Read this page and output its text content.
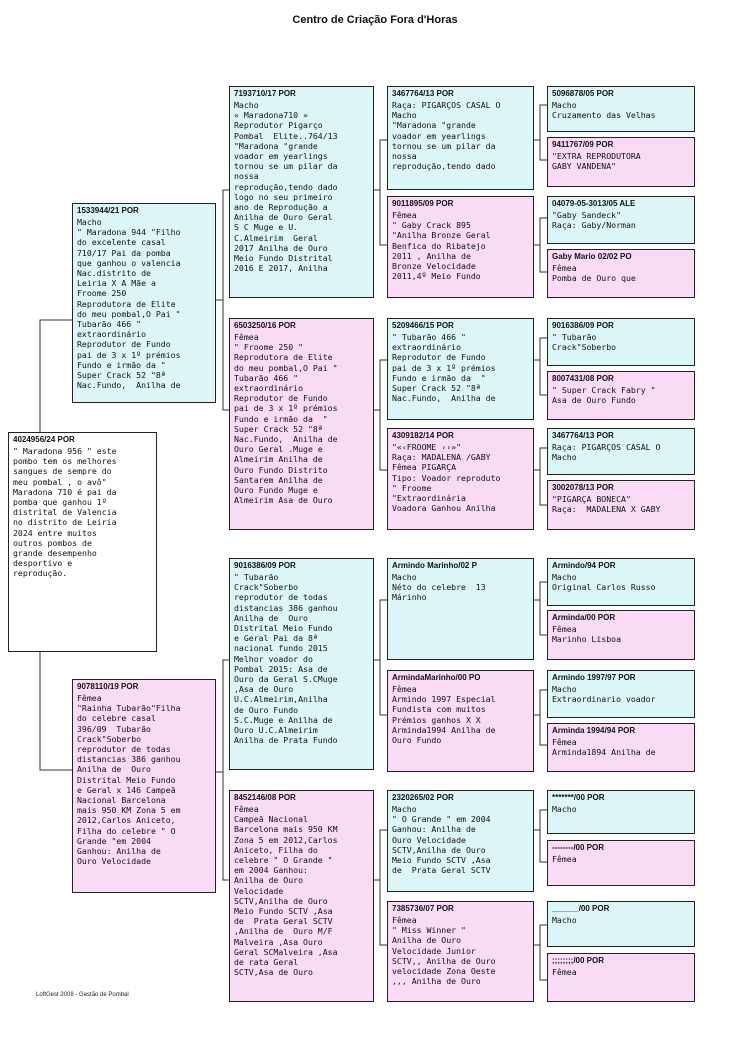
Centro de Criação Fora d'Horas
4024956/24 POR
" Maradona 956 " este
pombo tem os melhores
sangues de sempre do
meu pombal , o avô"
Maradona 710 é pai da
pomba que ganhou 1º
distrital de Valencia
no distrito de Leiria
2024 entre muitos
outros pombos de
grande desempenho
desportivo e
reprodução.
1533944/21 POR
Macho
" Maradona 944 "Filho
do excelente casal
710/17 Pai da pomba
que ganhou o valencia
Nac.distrito de
Leiria X A Mãe a
Froome 250
Reprodutora de Elite
do meu pombal,O Pai "
Tubarão 466 "
extraordinário
Reprodutor de Fundo
pai de 3 x 1º prémios
Fundo e irmão da "
Super Crack 52 "8ª
Nac.Fundo,  Anilha de
9078110/19 POR
Fêmea
"Rainha Tubarão"Filha
do celebre casal
396/09  Tubarão
Crack"Soberbo
reprodutor de todas
distancias 386 ganhou
Anilha de  Ouro
Distrital Meio Fundo
e Geral x 146 Campeã
Nacional Barcelona
mais 950 KM Zona 5 em
2012,Carlos Aniceto,
Filha do celebre " O
Grande "em 2004
Ganhou: Anilha de
Ouro Velocidade
7193710/17 POR
Macho
« Maradona710 »
Reprodutor Pigarço
Pombal  Elite..764/13
"Maradona "grande
voador em yearlings
tornou se um pilar da
nossa
reprodução,tendo dado
logo no seu primeiro
ano de Reprodução a
Anilha de Ouro Geral
S C Muge e U.
C.Almeirim  Geral
2017 Anilha de Ouro
Meio Fundo Distrital
2016 E 2017, Anilha
6503250/16 POR
Fêmea
" Froome 250 "
Reprodutora de Elite
do meu pombal,O Pai "
Tubarão 466 "
extraordinário
Reprodutor de Fundo
pai de 3 x 1º prémios
Fundo e irmão da  "
Super Crack 52 "8ª
Nac.Fundo,  Anilha de
Ouro Geral .Muge e
Almeirim Anilha de
Ouro Fundo Distrito
Santarem Anilha de
Ouro Fundo Muge e
Almeirim Asa de Ouro
9016386/09 POR
" Tubarão
Crack"Soberbo
reprodutor de todas
distancias 386 ganhou
Anilha de  Ouro
Distrital Meio Fundo
e Geral Pai da 8ª
nacional fundo 2015
Melhor voador do
Pombal 2015: Asa de
Ouro da Geral S.CMuge
,Asa de Ouro
U.C.Almeirim,Anilha
de Ouro Fundo
S.C.Muge e Anilha de
Ouro U.C.Almeirim
Anilha de Prata Fundo
8452146/08 POR
Fêmea
Campeã Nacional
Barcelona mais 950 KM
Zona 5 em 2012,Carlos
Aniceto, Filha do
celebre " O Grande "
em 2004 Ganhou:
Anilha de Ouro
Velocidade
SCTV,Anilha de Ouro
Meio Fundo SCTV ,Asa
de  Prata Geral SCTV
,Anilha de  Ouro M/F
Malveira ,Asa Ouro
Geral SCMalveira ,Asa
de rata Geral
SCTV,Asa de Ouro
3467764/13 POR
Raça: PIGARÇOS CASAL O
Macho
"Maradona "grande
voador em yearlings
tornou se um pilar da
nossa
reprodução,tendo dado
9011895/09 POR
Fêmea
" Gaby Crack 895
"Anilha Bronze Geral
Benfica do Ribatejo
2011 , Anilha de
Bronze Velocidade
2011,4º Meio Fundo
5209466/15 POR
" Tubarão 466 "
extraordinário
Reprodutor de Fundo
pai de 3 x 1º prémios
Fundo e irmão da  "
Super Crack 52 "8ª
Nac.Fundo,  Anilha de
4309182/14 POR
"«‹FROOME ››»"
Raça: MADALENA /GABY
Fêmea PIGARÇA
Tipo: Voador reproduto
" Froome
"Extraordinária
Voadora Ganhou Anilha
Armindo Marinho/02 P
Macho
Néto do celebre  13
Márinho
ArmindaMarinho/00 PO
Fêmea
Armindo 1997 Especial
Fundista com muitos
Prémios ganhos X X
Arminda1994 Anilha de
Ouro Fundo
2320265/02 POR
Macho
" O Grande " em 2004
Ganhou: Anilha de
Ouro Velocidade
SCTV,Anilha de Ouro
Meio Fundo SCTV ,Asa
de  Prata Geral SCTV
7385736/07 POR
Fêmea
" Miss Winner "
Anilha de Ouro
Velocidade Junior
SCTV,, Anilha de Ouro
velocidade Zona Oeste
,,, Anilha de Ouro
5096878/05 POR
Macho
Cruzamento das Velhas
9411767/09 POR
"EXTRA REPRODUTORA
GABY VANDENA"
04079-05-3013/05 ALE
"Gaby Sandeck"
Raça: Gaby/Norman
Gaby Mario 02/02 PO
Fêmea
Pomba de Ouro que
9016386/09 POR
" Tubarão
Crack"Soberbo
8007431/08 POR
" Super Crack Fabry "
Asa de Ouro Fundo
3467764/13 POR
Raça: PIGARÇOS CASAL O
Macho
3002078/13 POR
"PIGARÇA BONECA"
Raça:  MADALENA X GABY
Armindo/94 POR
Macho
Original Carlos Russo
Arminda/00 POR
Fêmea
Marinho Lisboa
Armindo 1997/97 POR
Macho
Extraordinario voador
Arminda 1994/94 POR
Fêmea
Arminda1894 Anilha de
*******/00 POR
Macho
--------/00 POR
Fêmea
______/00 POR
Macho
;;;;;;;;/00 POR
Fêmea
LoftGest 2008 - Gestão de Pombal
